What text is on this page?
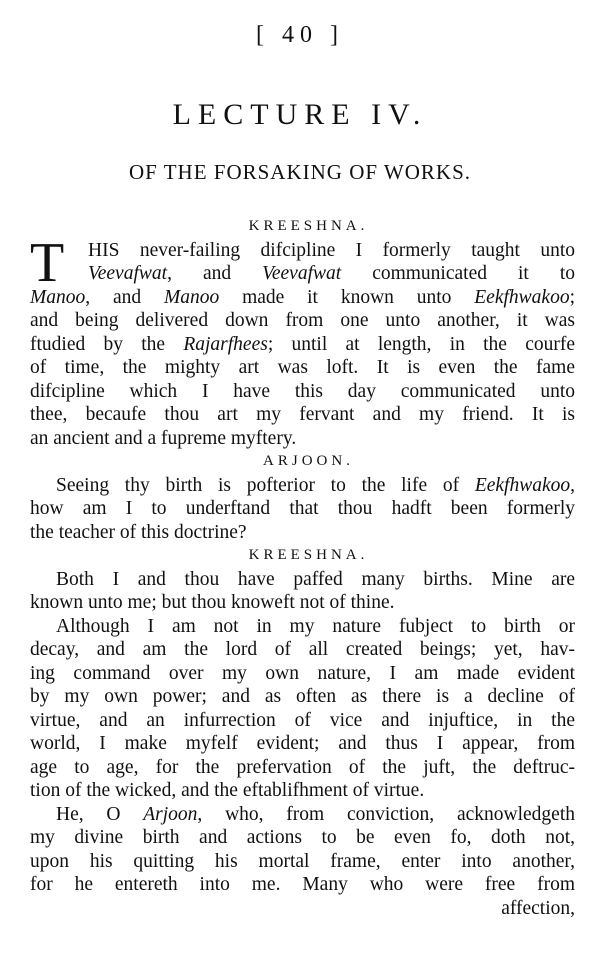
[ 40 ]
LECTURE IV.
OF THE FORSAKING OF WORKS.
KREESHNA.
T HIS never-failing difcipline I formerly taught unto
Veevafwat, and Veevafwat communicated it to
Manoo, and Manoo made it known unto Eekfhwakoo;
and being delivered down from one unto another, it was
ftudied by the Rajarfhees; until at length, in the courfe
of time, the mighty art was loft. It is even the fame
difcipline which I have this day communicated unto
thee, becaufe thou art my fervant and my friend. It is
an ancient and a fupreme myftery.
ARJOON.
Seeing thy birth is pofterior to the life of Eekfhwakoo,
how am I to underftand that thou hadft been formerly
the teacher of this doctrine?
KREESHNA.
Both I and thou have paffed many births. Mine are
known unto me; but thou knoweft not of thine.
Although I am not in my nature fubject to birth or
decay, and am the lord of all created beings; yet, hav-
ing command over my own nature, I am made evident
by my own power; and as often as there is a decline of
virtue, and an infurrection of vice and injuftice, in the
world, I make myfelf evident; and thus I appear, from
age to age, for the prefervation of the juft, the deftruc-
tion of the wicked, and the eftablifhment of virtue.
He, O Arjoon, who, from conviction, acknowledgeth
my divine birth and actions to be even fo, doth not,
upon his quitting his mortal frame, enter into another,
for he entereth into me. Many who were free from
affection,
